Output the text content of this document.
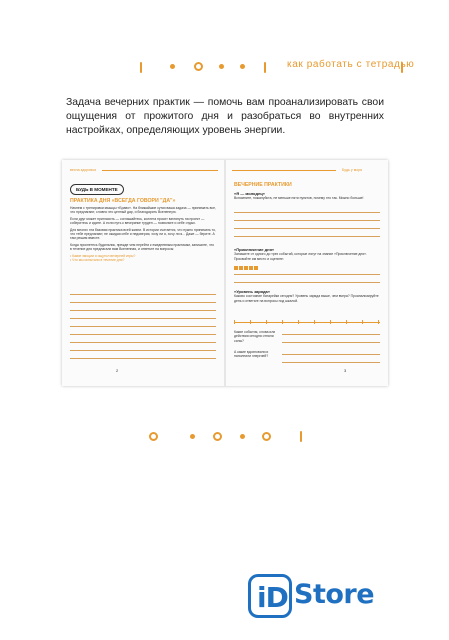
как работать с тетрадью
Задача вечерних практик — помочь вам проанализировать свои ощущения от прожитого дня и разобраться во внутренних настройках, определяющих уровень энергии.
весна здоровья
БУДЬ В МОМЕНТЕ
ПРАКТИКА ДНЯ «ВСЕГДА ГОВОРИ "ДА"»
Начнем с тренировки мышцы «Браво». На ближайшие сутки ваша задача — принимать все, что предлагают, словно это ценный дар, и благодарить Вселенную.
Если друг может пригласить — соглашайтесь, коллега просит взглянуть на проект — соберитесь и идите. А если путь к вечеринке труден — позвольте и себе отдых.
Для многих эта базовая практика всей жизни. В истории считается, что нужно принимать то, что тебе предлагают, не ожидая себе и недоверия, хочу ли я, хочу ли я... Даже — берите. А там решим вместе.
Когда проснетесь будильник, прежде чем перейти к ежедневным практикам, запишите, что в течение дня предлагали вам Вселенная, и ответьте на вопросы:
• Какие эмоции я ощутил вечерней игры?
• Что мы испытали в течение дня?
2
Будь у моря
ВЕЧЕРНИЕ ПРАКТИКИ
«Я — молодец»
Вспомните, пожалуйста, не меньше пяти пунктов, почему это так. Можно больше!
«Приключение дня»
Запишите от одного до трех событий, которые лягут на знание «Приключение дня». Присвойте им место и оцените:
«Уровень заряда»
Каково состояние батарейки сегодня? Уровень заряда выше, чем вчера? Проанализируйте день и ответьте на вопросы под шкалой.
Какие события, слова или действия сегодня отняли силы?
А какие вдохновили и наполнили энергией?
3
iD Store
